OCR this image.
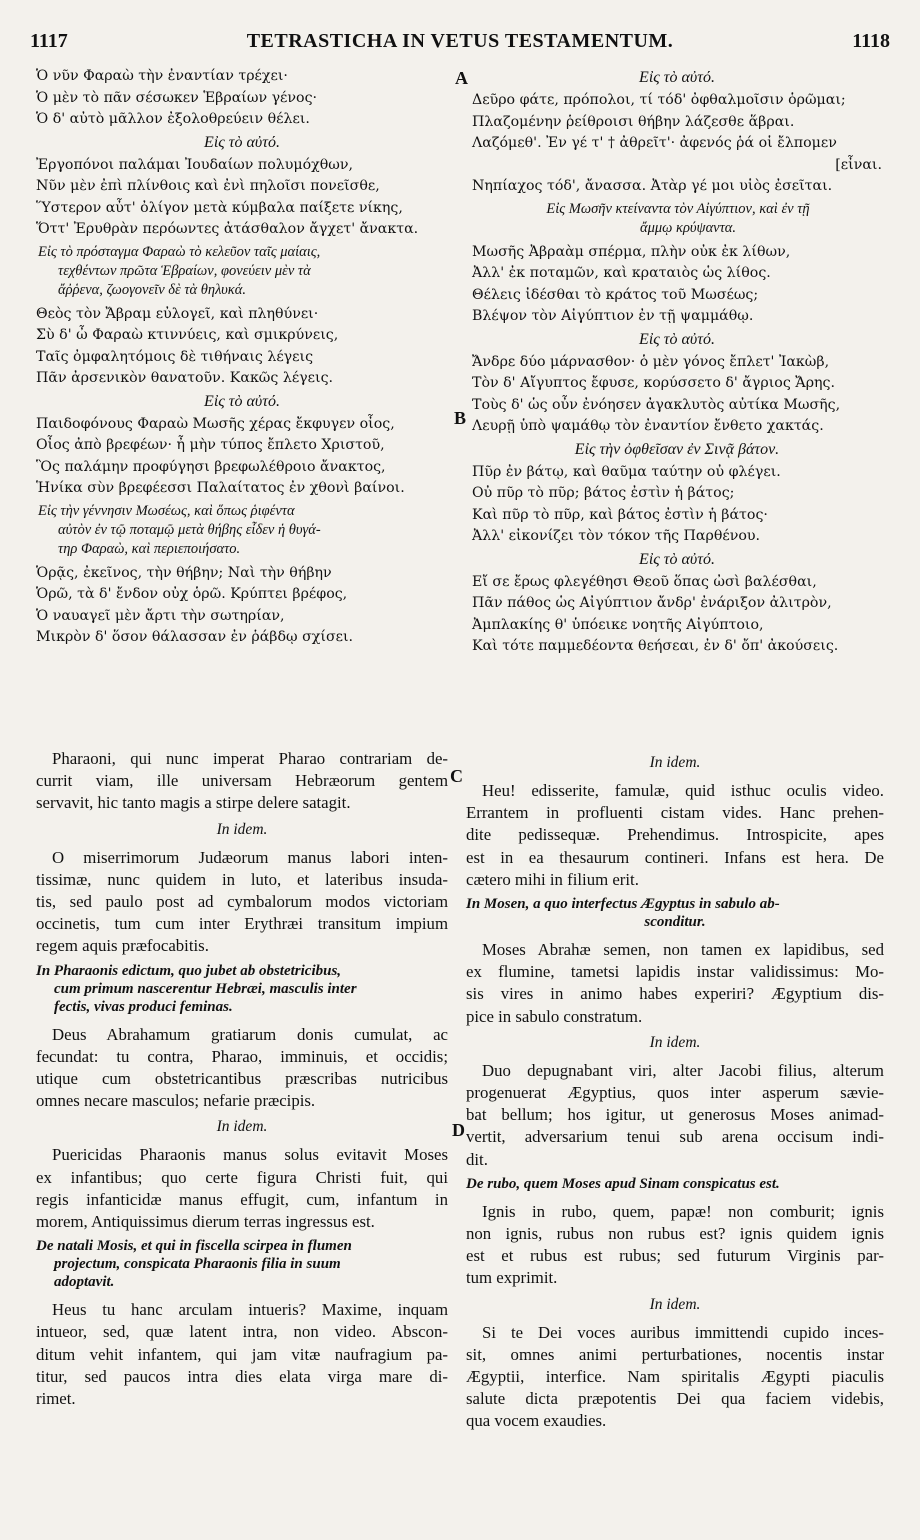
1117	TETRASTICHA IN VETUS TESTAMENTUM.	1118
Ὁ νῦν Φαραὼ τὴν ἐναντίαν τρέχει·
Ὁ μὲν τὸ πᾶν σέσωκεν Ἑβραίων γένος·
Ὁ δ' αὐτὸ μᾶλλον ἐξολοθρεύειν θέλει.
Εἰς τὸ αὐτό.
Ἐργοπόνοι παλάμαι Ἰουδαίων πολυμόχθων,
Νῦν μὲν ἐπὶ πλίνθοις καὶ ἐνὶ πηλοῖσι πονεῖσθε,
Ὕστερον αὖτ' ὀλίγον μετὰ κύμβαλα παίξετε νίκης,
Ὅττ' Ἐρυθρὰν περόωντες ἀτάσθαλον ἄγχετ' ἄνακτα.
Εἰς τὸ πρόσταγμα Φαραὼ τὸ κελεῦον ταῖς μαίαις,
τεχθέντων πρῶτα Ἑβραίων, φονεύειν μὲν τὰ
ἄῤῥενα, ζωογονεῖν δὲ τὰ θηλυκά.
Θεὸς τὸν Ἄβραμ εὐλογεῖ, καὶ πληθύνει·
Σὺ δ' ὦ Φαραὼ κτιννύεις, καὶ σμικρύνεις,
Ταῖς ὀμφαλητόμοις δὲ τιθήναις λέγεις
Πᾶν ἀρσενικὸν θανατοῦν. Κακῶς λέγεις.
Εἰς τὸ αὐτό.
Παιδοφόνους Φαραὼ Μωσῆς χέρας ἔκφυγεν οἶος,
Οἶος ἀπὸ βρεφέων· ἦ μὴν τύπος ἔπλετο Χριστοῦ,
Ὃς παλάμην προφύγησι βρεφωλέθροιο ἄνακτος,
Ἡνίκα σὺν βρεφέεσσι Παλαίτατος ἐν χθονὶ βαίνοι.
Εἰς τὴν γέννησιν Μωσέως, καὶ ὅπως ῥιφέντα
αὐτὸν ἐν τῷ ποταμῷ μετὰ θήβης εἶδεν ἡ θυγά-
τηρ Φαραὼ, καὶ περιεποιήσατο.
Ὁρᾷς, ἐκεῖνος, τὴν θήβην; Ναὶ τὴν θήβην
Ὁρῶ, τὰ δ' ἔνδον οὐχ ὁρῶ. Κρύπτει βρέφος,
Ὁ ναυαγεῖ μὲν ἄρτι τὴν σωτηρίαν,
Μικρὸν δ' ὅσον θάλασσαν ἐν ῥάβδῳ σχίσει.
Εἰς τὸ αὐτό.
Δεῦρο φάτε, πρόπολοι, τί τόδ' ὀφθαλμοῖσιν ὁρῶμαι;
Πλαζομένην ῥείθροισι θήβην λάζεσθε ἅβραι.
Λαζόμεθ'. Ἐν γέ τ' † ἀθρεῖτ'· ἀφενός ῥά οἱ ἔλπομεν
[εἶναι.
Νηπίαχος τόδ', ἄνασσα. Ἀτὰρ γέ μοι υἱὸς ἐσεῖται.
Εἰς Μωσῆν κτείναντα τὸν Αἰγύπτιον, καὶ ἐν τῇ
ἄμμῳ κρύψαντα.
Μωσῆς Ἀβραὰμ σπέρμα, πλὴν οὐκ ἐκ λίθων,
Ἀλλ' ἐκ ποταμῶν, καὶ κραταιὸς ὡς λίθος.
Θέλεις ἰδέσθαι τὸ κράτος τοῦ Μωσέως;
Βλέψον τὸν Αἰγύπτιον ἐν τῇ ψαμμάθῳ.
Εἰς τὸ αὐτό.
Ἄνδρε δύο μάρνασθον· ὁ μὲν γόνος ἔπλετ' Ἰακὼβ,
Τὸν δ' Αἴγυπτος ἔφυσε, κορύσσετο δ' ἄγριος Ἄρης.
Τοὺς δ' ὡς οὖν ἐνόησεν ἀγακλυτὸς αὐτίκα Μωσῆς,
Λευρῇ ὑπὸ ψαμάθῳ τὸν ἐναντίον ἔνθετο χακτάς.
Εἰς τὴν ὀφθεῖσαν ἐν Σινᾷ βάτον.
Πῦρ ἐν βάτῳ, καὶ θαῦμα ταύτην οὐ φλέγει.
Οὐ πῦρ τὸ πῦρ; βάτος ἐστὶν ἡ βάτος;
Καὶ πῦρ τὸ πῦρ, καὶ βάτος ἐστὶν ἡ βάτος·
Ἀλλ' εἰκονίζει τὸν τόκον τῆς Παρθένου.
Εἰς τὸ αὐτό.
Εἴ σε ἔρως φλεγέθησι Θεοῦ ὅπας ὠσὶ βαλέσθαι,
Πᾶν πάθος ὡς Αἰγύπτιον ἄνδρ' ἐνάριξον ἀλιτρὸν,
Ἀμπλακίης θ' ὑπόεικε νοητῆς Αἰγύπτοιο,
Καὶ τότε παμμεδέοντα θεήσεαι, ἐν δ' ὄπ' ἀκούσεις.
Pharaoni, qui nunc imperat Pharao contrariam de-
currit viam, ille universam Hebræorum gentem
servavit, hic tanto magis a stirpe delere satagit.
In idem.
O miserrimorum Judæorum manus labori inten-
tissimæ, nunc quidem in luto, et lateribus insuda-
tis, sed paulo post ad cymbalorum modos victoriam
occinetis, tum cum inter Erythræi transitum impium
regem aquis præfocabitis.
In Pharaonis edictum, quo jubet ab obstetricibus,
cum primum nascerentur Hebræi, masculis inter
fectis, vivas produci feminas.
Deus Abrahamum gratiarum donis cumulat, ac
fecundat: tu contra, Pharao, imminuis, et occidis;
utique cum obstetricantibus præscribas nutricibus
omnes necare masculos; nefarie præcipis.
In idem.
Puericidas Pharaonis manus solus evitavit Moses
ex infantibus; quo certe figura Christi fuit, qui
regis infanticidæ manus effugit, cum, infantum in
morem, Antiquissimus dierum terras ingressus est.
De natali Mosis, et qui in fiscella scirpea in flumen
projectum, conspicata Pharaonis filia in suum
adoptavit.
Heus tu hanc arculam intueris? Maxime, inquam
intueor, sed, quæ latent intra, non video. Abscon-
ditum vehit infantem, qui jam vitæ naufragium pa-
titur, sed paucos intra dies elata virga mare di-
rimet.
In idem.
Heu! edisserite, famulæ, quid isthuc oculis video.
Errantem in profluenti cistam vides. Hanc prehen-
dite pedissequæ. Prehendimus. Introspicite, apes
est in ea thesaurum contineri. Infans est hera. De
cætero mihi in filium erit.
In Mosen, a quo interfectus Ægyptus in sabulo ab-
sconditur.
Moses Abrahæ semen, non tamen ex lapidibus, sed
ex flumine, tametsi lapidis instar validissimus: Mo-
sis vires in animo habes experiri? Ægyptium dis-
pice in sabulo constratum.
In idem.
Duo depugnabant viri, alter Jacobi filius, alterum
progenuerat Ægyptius, quos inter asperum sævie-
bat bellum; hos igitur, ut generosus Moses animad-
vertit, adversarium tenui sub arena occisum indi-
dit.
De rubo, quem Moses apud Sinam conspicatus est.
Ignis in rubo, quem, papæ! non comburit; ignis
non ignis, rubus non rubus est? ignis quidem ignis
est et rubus est rubus; sed futurum Virginis par-
tum exprimit.
In idem.
Si te Dei voces auribus immittendi cupido inces-
sit, omnes animi perturbationes, nocentis instar
Ægyptii, interfice. Nam spiritalis Ægypti piaculis
salute dicta præpotentis Dei qua faciem videbis,
qua vocem exaudies.
A
B
C
D
